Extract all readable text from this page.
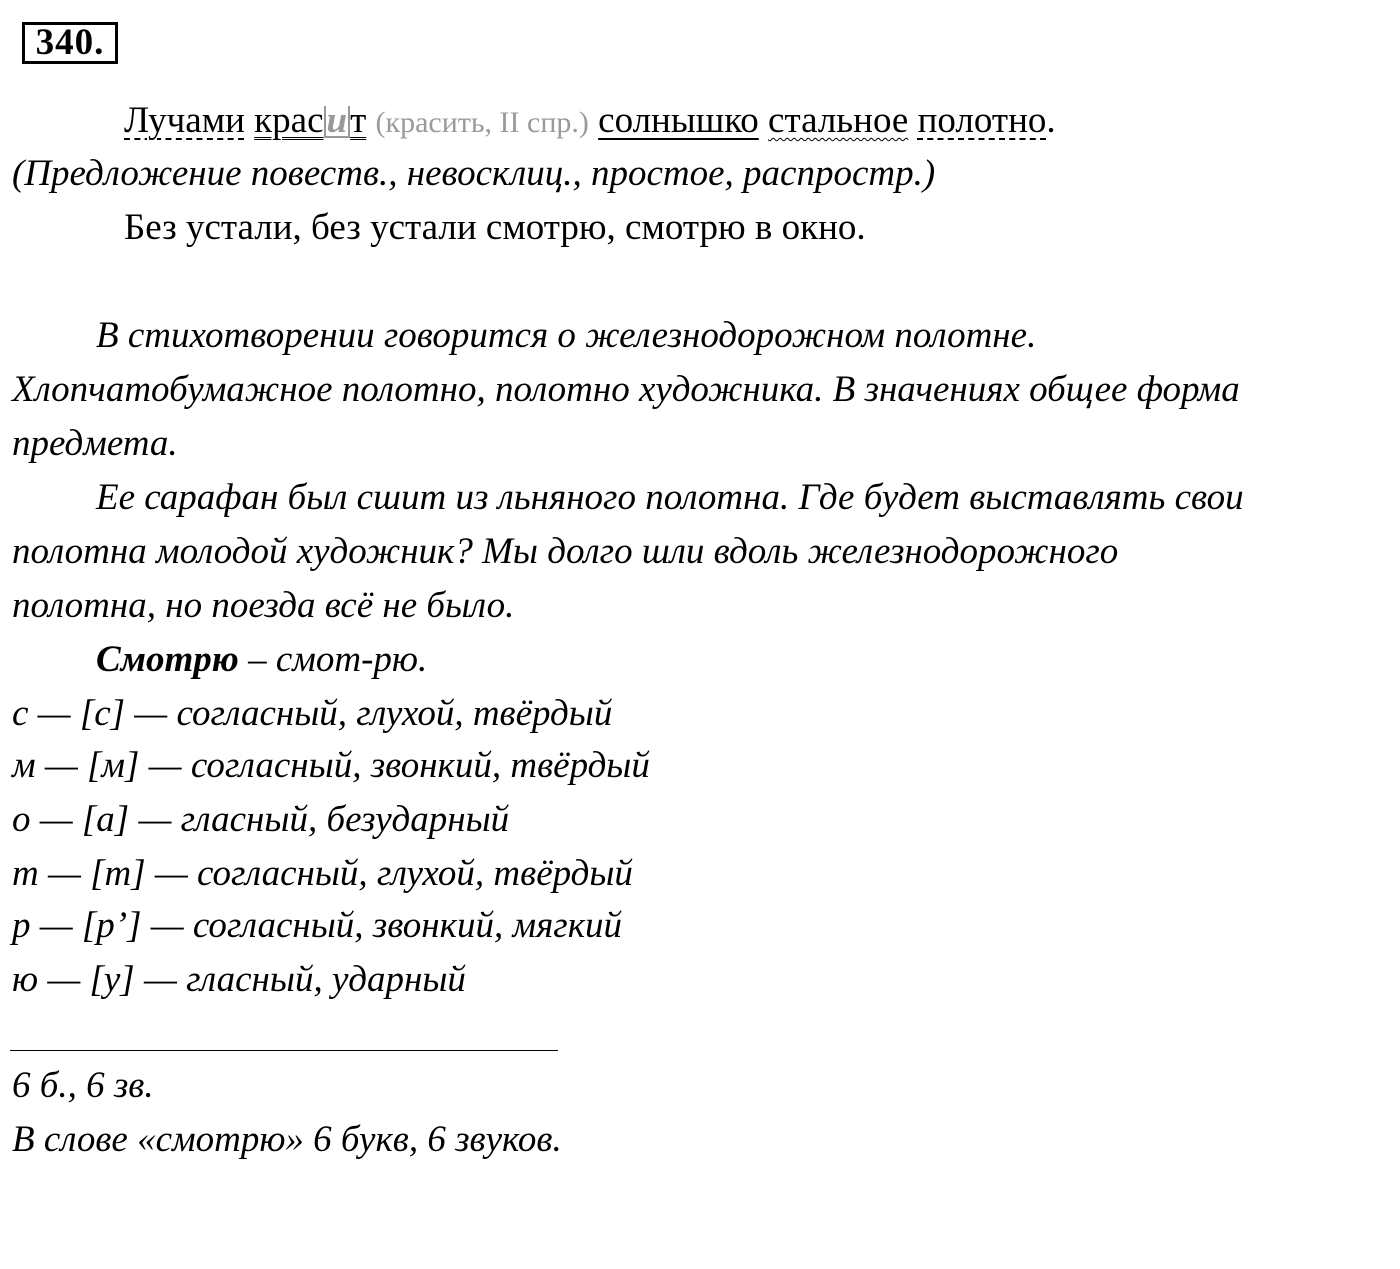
340.
Лучами красит (красить, II спр.) солнышко стальное полотно.
(Предложение повеств., невосклиц., простое, распростр.)
Без устали, без устали смотрю, смотрю в окно.
В стихотворении говорится о железнодорожном полотне.
Хлопчатобумажное полотно, полотно художника. В значениях общее форма
предмета.
Ее сарафан был сшит из льняного полотна. Где будет выставлять свои
полотна молодой художник? Мы долго шли вдоль железнодорожного
полотна, но поезда всё не было.
Смотрю – смот-рю.
с — [с] — согласный, глухой, твёрдый
м — [м] — согласный, звонкий, твёрдый
о — [а] — гласный, безударный
т — [т] — согласный, глухой, твёрдый
р — [р’] — согласный, звонкий, мягкий
ю — [у] — гласный, ударный
6 б., 6 зв.
В слове «смотрю» 6 букв, 6 звуков.
